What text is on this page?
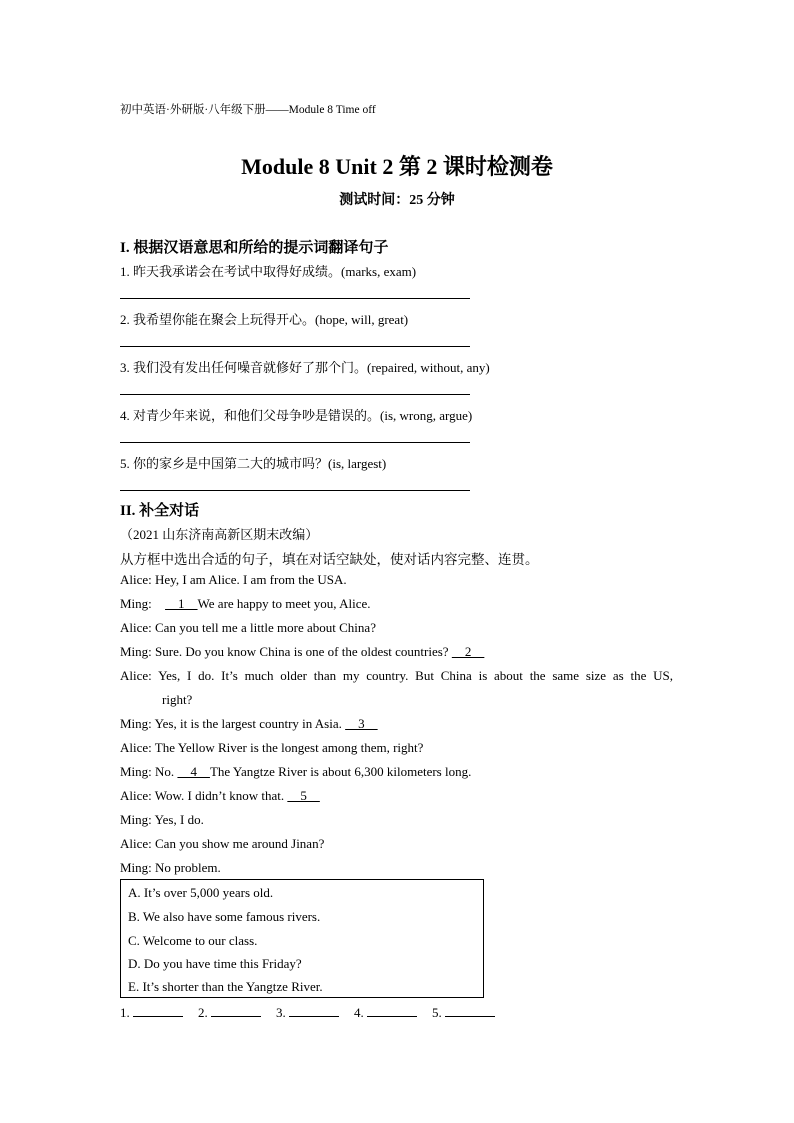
初中英语·外研版·八年级下册——Module 8 Time off
Module 8 Unit 2 第 2 课时检测卷
测试时间：25 分钟
I. 根据汉语意思和所给的提示词翻译句子
1. 昨天我承诺会在考试中取得好成绩。(marks, exam)
2. 我希望你能在聚会上玩得开心。(hope, will, great)
3. 我们没有发出任何噪音就修好了那个门。(repaired, without, any)
4. 对青少年来说，和他们父母争吵是错误的。(is, wrong, argue)
5. 你的家乡是中国第二大的城市吗？(is, largest)
II. 补全对话
（2021 山东济南高新区期末改编）
从方框中选出合适的句子，填在对话空缺处，使对话内容完整、连贯。
Alice: Hey, I am Alice. I am from the USA.
Ming:     1    We are happy to meet you, Alice.
Alice: Can you tell me a little more about China?
Ming: Sure. Do you know China is one of the oldest countries?     2
Alice: Yes, I do. It’s much older than my country. But China is about the same size as the US,
right?
Ming: Yes, it is the largest country in Asia.     3
Alice: The Yellow River is the longest among them, right?
Ming: No.     4    The Yangtze River is about 6,300 kilometers long.
Alice: Wow. I didn’t know that.     5
Ming: Yes, I do.
Alice: Can you show me around Jinan?
Ming: No problem.
A. It’s over 5,000 years old.
B. We also have some famous rivers.
C. Welcome to our class.
D. Do you have time this Friday?
E. It’s shorter than the Yangtze River.
1.	2.	3.	4.	5.
